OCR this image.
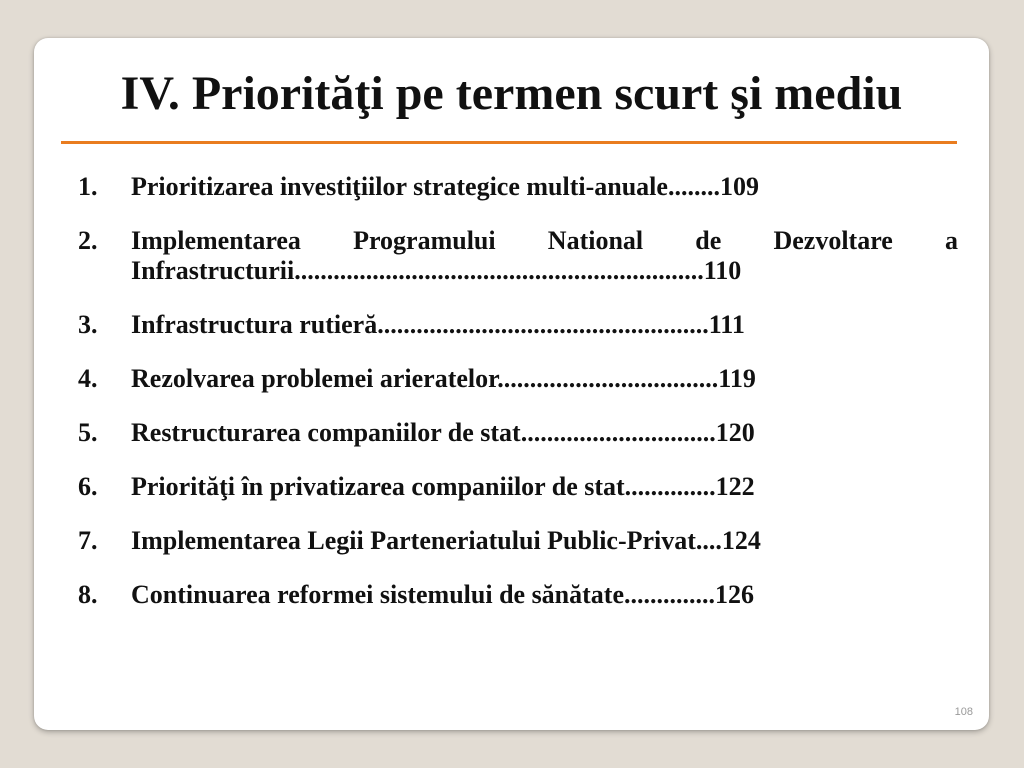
IV. Priorităţi pe termen scurt şi mediu
1. Prioritizarea investiţiilor strategice multi-anuale........109
2. Implementarea Programului National de Dezvoltare a Infrastructurii...............................................................110
3. Infrastructura rutieră...................................................111
4. Rezolvarea problemei arieratelor..................................119
5. Restructurarea companiilor de stat..............................120
6. Priorităţi în privatizarea companiilor de stat..............122
7. Implementarea Legii Parteneriatului Public-Privat....124
8. Continuarea reformei sistemului de sănătate..............126
108
